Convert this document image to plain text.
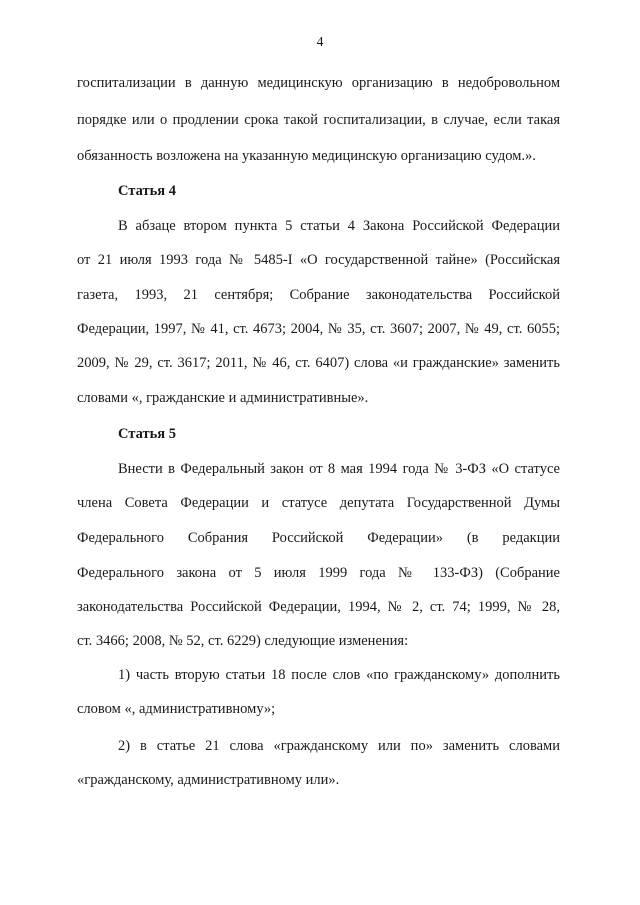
4
госпитализации в данную медицинскую организацию в недобровольном
порядке или о продлении срока такой госпитализации, в случае, если такая
обязанность возложена на указанную медицинскую организацию судом.».
Статья 4
В абзаце втором пункта 5 статьи 4 Закона Российской Федерации
от 21 июля 1993 года № 5485-I «О государственной тайне» (Российская
газета, 1993, 21 сентября; Собрание законодательства Российской
Федерации, 1997, № 41, ст. 4673; 2004, № 35, ст. 3607; 2007, № 49, ст. 6055;
2009, № 29, ст. 3617; 2011, № 46, ст. 6407) слова «и гражданские» заменить
словами «, гражданские и административные».
Статья 5
Внести в Федеральный закон от 8 мая 1994 года № 3-ФЗ «О статусе
члена Совета Федерации и статусе депутата Государственной Думы
Федерального Собрания Российской Федерации» (в редакции
Федерального закона от 5 июля 1999 года № 133-ФЗ) (Собрание
законодательства Российской Федерации, 1994, № 2, ст. 74; 1999, № 28,
ст. 3466; 2008, № 52, ст. 6229) следующие изменения:
1) часть вторую статьи 18 после слов «по гражданскому» дополнить
словом «, административному»;
2) в статье 21 слова «гражданскому или по» заменить словами
«гражданскому, административному или».
